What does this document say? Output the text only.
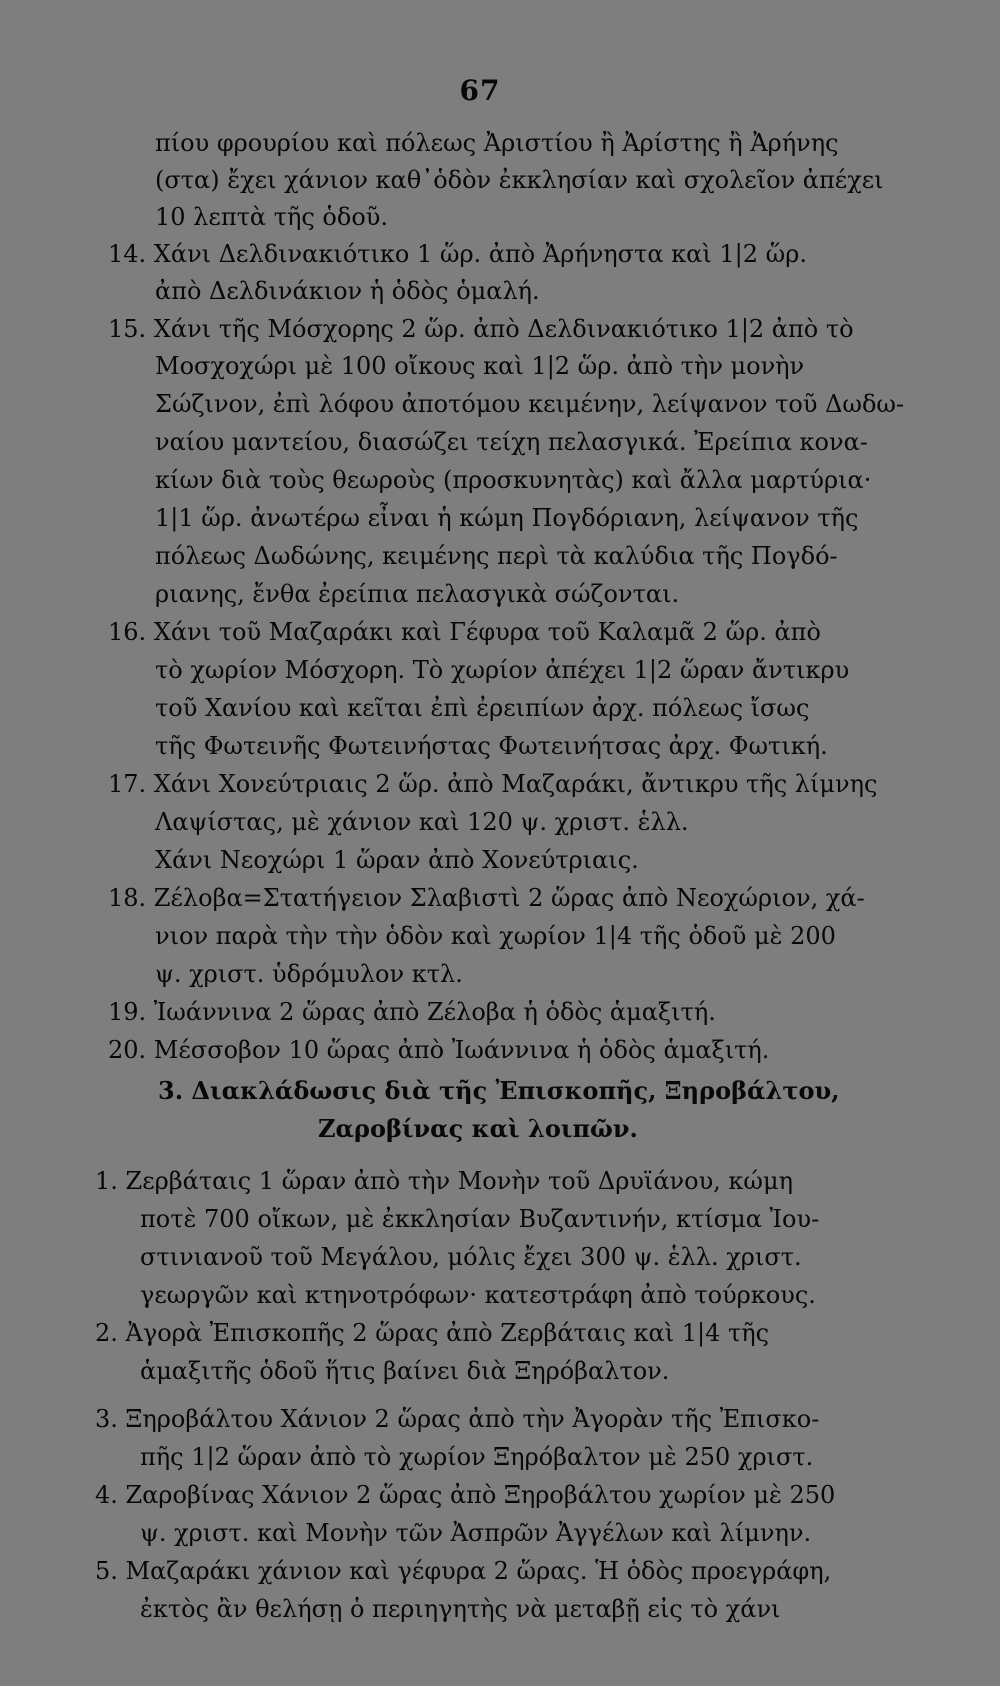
67
πίου φρουρίου καὶ πόλεως Ἀριστίου ἢ Ἀρίστης ἢ Ἀρήνης
(στα) ἔχει χάνιον καθ᾽ὁδὸν ἐκκλησίαν καὶ σχολεῖον ἀπέχει
10 λεπτὰ τῆς ὁδοῦ.
14. Χάνι Δελδινακιότικο 1 ὥρ. ἀπὸ Ἀρήνηστα καὶ 1|2 ὥρ.
ἀπὸ Δελδινάκιον ἡ ὁδὸς ὁμαλή.
15. Χάνι τῆς Μόσχορης 2 ὥρ. ἀπὸ Δελδινακιότικο 1|2 ἀπὸ τὸ
Μοσχοχώρι μὲ 100 οἴκους καὶ 1|2 ὥρ. ἀπὸ τὴν μονὴν
Σώζινον, ἐπὶ λόφου ἀποτόμου κειμένην, λείψανον τοῦ Δωδω-
ναίου μαντείου, διασώζει τείχη πελασγικά. Ἐρείπια κονα-
κίων διὰ τοὺς θεωροὺς (προσκυνητὰς) καὶ ἄλλα μαρτύρια·
1|1 ὥρ. ἀνωτέρω εἶναι ἡ κώμη Πογδόριανη, λείψανον τῆς
πόλεως Δωδώνης, κειμένης περὶ τὰ καλύδια τῆς Πογδό-
ριανης, ἔνθα ἐρείπια πελασγικὰ σώζονται.
16. Χάνι τοῦ Μαζαράκι καὶ Γέφυρα τοῦ Καλαμᾶ 2 ὥρ. ἀπὸ
τὸ χωρίον Μόσχορη. Τὸ χωρίον ἀπέχει 1|2 ὥραν ἄντικρυ
τοῦ Χανίου καὶ κεῖται ἐπὶ ἐρειπίων ἀρχ. πόλεως ἴσως
τῆς Φωτεινῆς Φωτεινήστας Φωτεινήτσας ἀρχ. Φωτική.
17. Χάνι Χονεύτριαις 2 ὥρ. ἀπὸ Μαζαράκι, ἄντικρυ τῆς λίμνης
Λαψίστας, μὲ χάνιον καὶ 120 ψ. χριστ. ἑλλ.
Χάνι Νεοχώρι 1 ὥραν ἀπὸ Χονεύτριαις.
18. Ζέλοβα=Στατήγειον Σλαβιστὶ 2 ὥρας ἀπὸ Νεοχώριον, χά-
νιον παρὰ τὴν τὴν ὁδὸν καὶ χωρίον 1|4 τῆς ὁδοῦ μὲ 200
ψ. χριστ. ὑδρόμυλον κτλ.
19. Ἰωάννινα 2 ὥρας ἀπὸ Ζέλοβα ἡ ὁδὸς ἁμαξιτή.
20. Μέσσοβον 10 ὥρας ἀπὸ Ἰωάννινα ἡ ὁδὸς ἁμαξιτή.
3. Διακλάδωσις διὰ τῆς Ἐπισκοπῆς, Ξηροβάλτου,
Ζαροβίνας καὶ λοιπῶν.
1. Ζερβάταις 1 ὥραν ἀπὸ τὴν Μονὴν τοῦ Δρυϊάνου, κώμη
ποτὲ 700 οἴκων, μὲ ἐκκλησίαν Βυζαντινήν, κτίσμα Ἰου-
στινιανοῦ τοῦ Μεγάλου, μόλις ἔχει 300 ψ. ἑλλ. χριστ.
γεωργῶν καὶ κτηνοτρόφων· κατεστράφη ἀπὸ τούρκους.
2. Ἀγορὰ Ἐπισκοπῆς 2 ὥρας ἀπὸ Ζερβάταις καὶ 1|4 τῆς
ἁμαξιτῆς ὁδοῦ ἥτις βαίνει διὰ Ξηρόβαλτον.
3. Ξηροβάλτου Χάνιον 2 ὥρας ἀπὸ τὴν Ἀγορὰν τῆς Ἐπισκο-
πῆς 1|2 ὥραν ἀπὸ τὸ χωρίον Ξηρόβαλτον μὲ 250 χριστ.
4. Ζαροβίνας Χάνιον 2 ὥρας ἀπὸ Ξηροβάλτου χωρίον μὲ 250
ψ. χριστ. καὶ Μονὴν τῶν Ἀσπρῶν Ἀγγέλων καὶ λίμνην.
5. Μαζαράκι χάνιον καὶ γέφυρα 2 ὥρας. Ἡ ὁδὸς προεγράφη,
ἐκτὸς ἂν θελήσῃ ὁ περιηγητὴς νὰ μεταβῇ εἰς τὸ χάνι
